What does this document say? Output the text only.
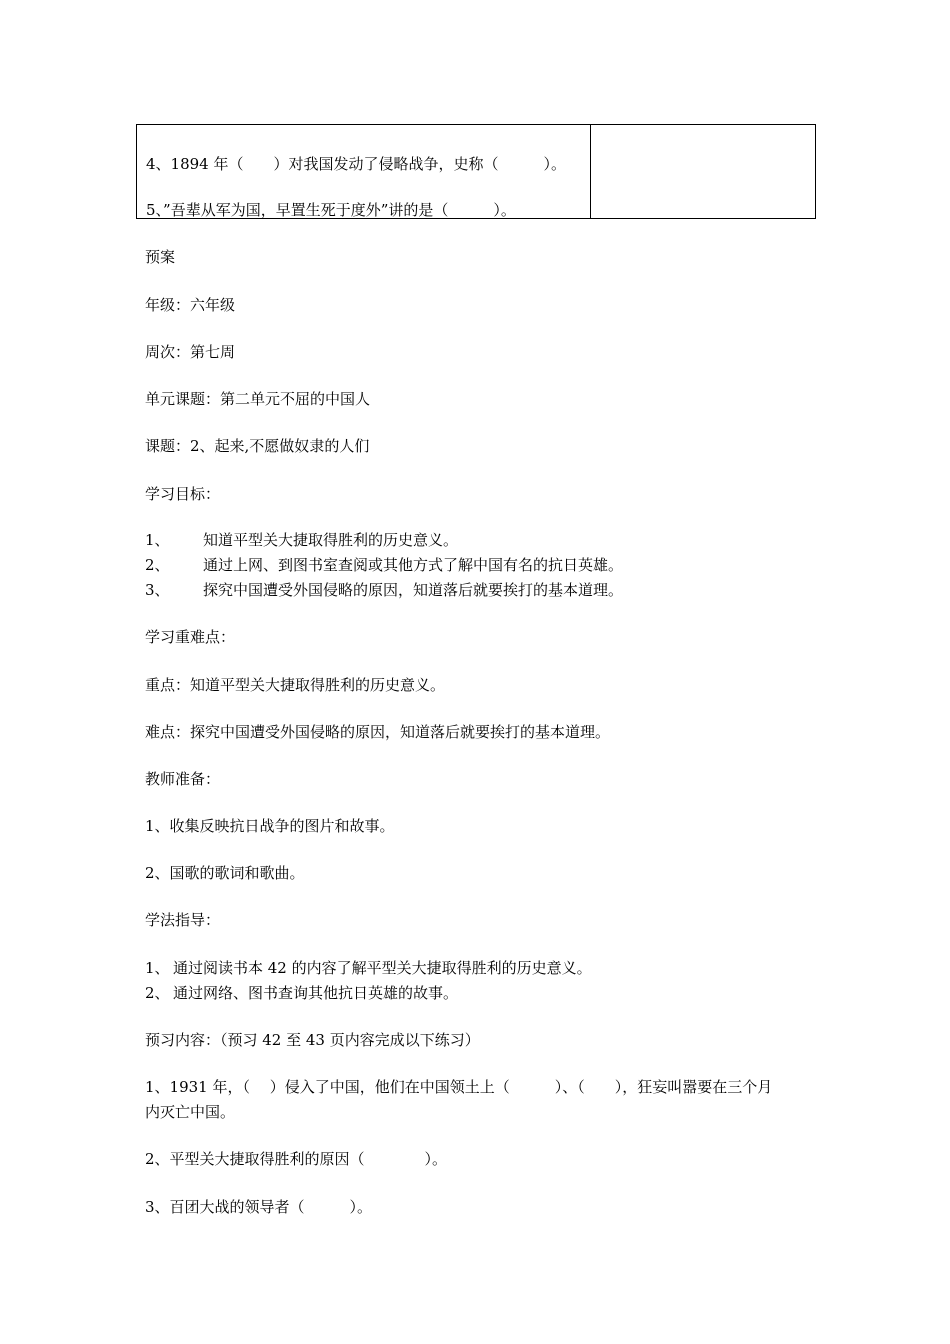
4、1894 年（　　）对我国发动了侵略战争，史称（　　　）。
5、”吾辈从军为国，早置生死于度外”讲的是（　　　）。
预案
年级：六年级
周次：第七周
单元课题：第二单元不屈的中国人
课题：2、起来,不愿做奴隶的人们
学习目标：
1、 知道平型关大捷取得胜利的历史意义。
2、 通过上网、到图书室查阅或其他方式了解中国有名的抗日英雄。
3、 探究中国遭受外国侵略的原因，知道落后就要挨打的基本道理。
学习重难点：
重点：知道平型关大捷取得胜利的历史意义。
难点：探究中国遭受外国侵略的原因，知道落后就要挨打的基本道理。
教师准备：
1、收集反映抗日战争的图片和故事。
2、国歌的歌词和歌曲。
学法指导：
1、 通过阅读书本 42 的内容了解平型关大捷取得胜利的历史意义。
2、 通过网络、图书查询其他抗日英雄的故事。
预习内容：（预习 42 至 43 页内容完成以下练习）
1、1931 年，（　 ）侵入了中国，他们在中国领土上（　　　）、（　　），狂妄叫嚣要在三个月
内灭亡中国。
2、平型关大捷取得胜利的原因（　　　　）。
3、百团大战的领导者（　　　）。
